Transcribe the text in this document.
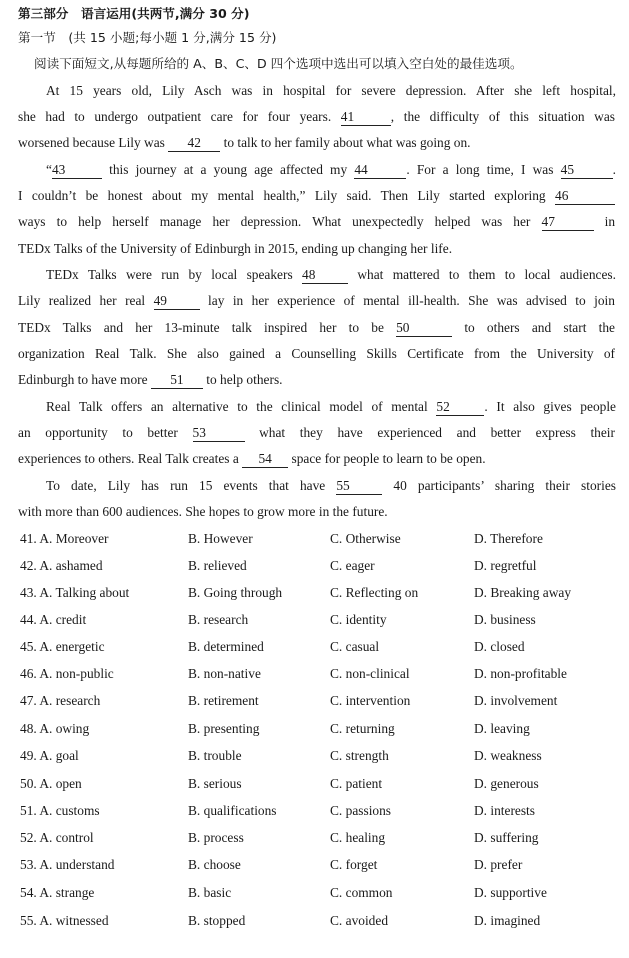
第三部分　语言运用(共两节,满分 30 分)
第一节　(共 15 小题;每小题 1 分,满分 15 分)
阅读下面短文,从每题所给的 A、B、C、D 四个选项中选出可以填入空白处的最佳选项。
At 15 years old, Lily Asch was in hospital for severe depression. After she left hospital,
she had to undergo outpatient care for four years. 41	, the difficulty of this situation was
worsened because Lily was 42 to talk to her family about what was going on.
“43	this journey at a young age affected my 44	. For a long time, I was 45	.
I couldn’t be honest about my mental health,” Lily said. Then Lily started exploring 46
ways to help herself manage her depression. What unexpectedly helped was her 47	in
TEDx Talks of the University of Edinburgh in 2015, ending up changing her life.
TEDx Talks were run by local speakers 48	what mattered to them to local audiences.
Lily realized her real 49	lay in her experience of mental ill-health. She was advised to join
TEDx Talks and her 13-minute talk inspired her to be 50	to others and start the
organization Real Talk. She also gained a Counselling Skills Certificate from the University of
Edinburgh to have more 51 to help others.
Real Talk offers an alternative to the clinical model of mental 52	. It also gives people
an opportunity to better 53	what they have experienced and better express their
experiences to others. Real Talk creates a 54 space for people to learn to be open.
To date, Lily has run 15 events that have 55	40 participants’ sharing their stories
with more than 600 audiences. She hopes to grow more in the future.
41. A. Moreover	B. However	C. Otherwise	D. Therefore
42. A. ashamed	B. relieved	C. eager	D. regretful
43. A. Talking about	B. Going through	C. Reflecting on	D. Breaking away
44. A. credit	B. research	C. identity	D. business
45. A. energetic	B. determined	C. casual	D. closed
46. A. non-public	B. non-native	C. non-clinical	D. non-profitable
47. A. research	B. retirement	C. intervention	D. involvement
48. A. owing	B. presenting	C. returning	D. leaving
49. A. goal	B. trouble	C. strength	D. weakness
50. A. open	B. serious	C. patient	D. generous
51. A. customs	B. qualifications	C. passions	D. interests
52. A. control	B. process	C. healing	D. suffering
53. A. understand	B. choose	C. forget	D. prefer
54. A. strange	B. basic	C. common	D. supportive
55. A. witnessed	B. stopped	C. avoided	D. imagined
